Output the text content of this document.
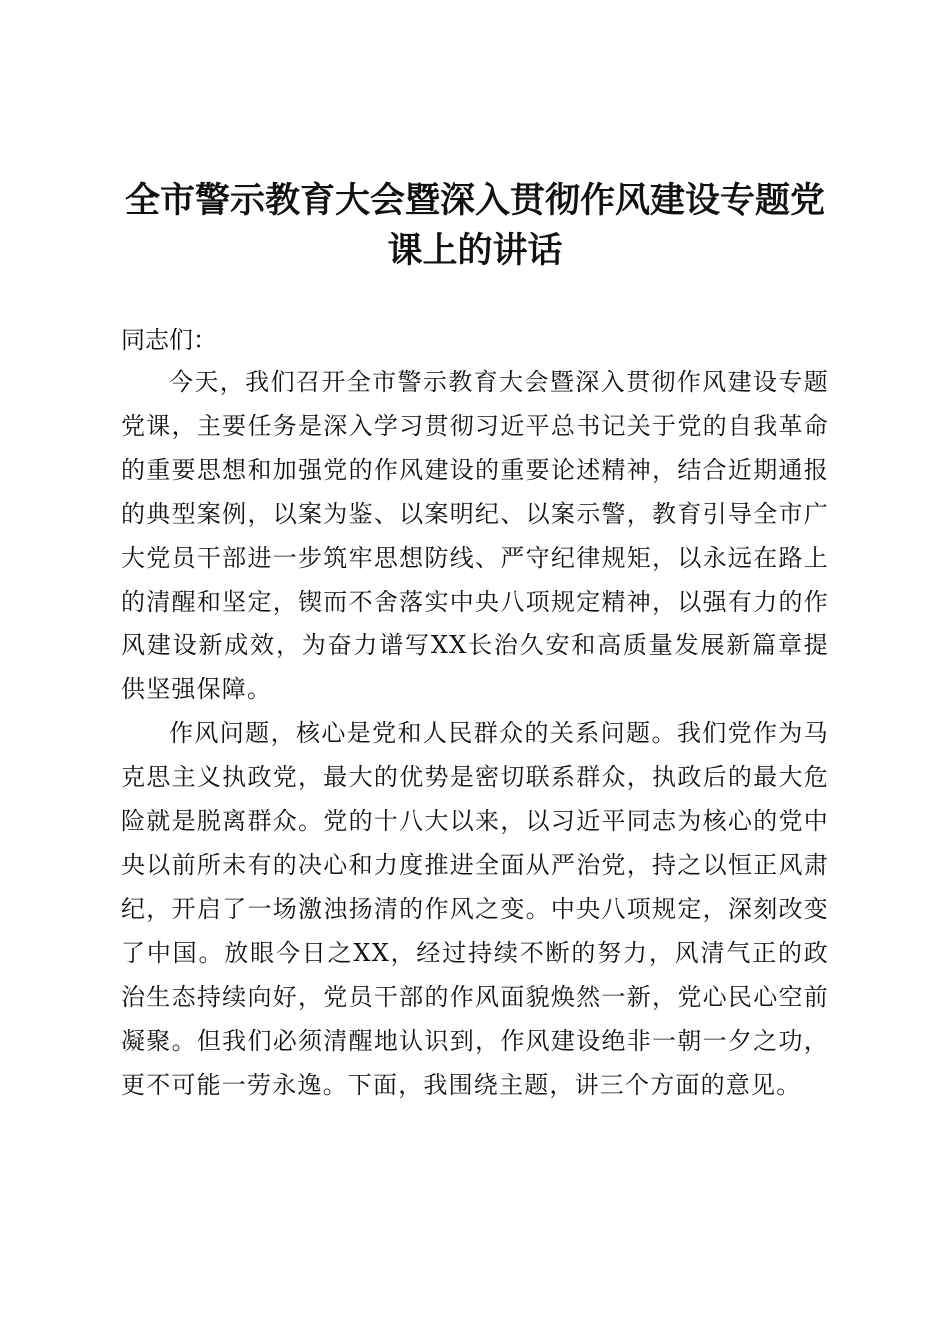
全市警示教育大会暨深入贯彻作风建设专题党
课上的讲话

同志们：

今天，我们召开全市警示教育大会暨深入贯彻作风建设专题党课，主要任务是深入学习贯彻习近平总书记关于党的自我革命的重要思想和加强党的作风建设的重要论述精神，结合近期通报的典型案例，以案为鉴、以案明纪、以案示警，教育引导全市广大党员干部进一步筑牢思想防线、严守纪律规矩，以永远在路上的清醒和坚定，锲而不舍落实中央八项规定精神，以强有力的作风建设新成效，为奋力谱写XX长治久安和高质量发展新篇章提供坚强保障。

作风问题，核心是党和人民群众的关系问题。我们党作为马克思主义执政党，最大的优势是密切联系群众，执政后的最大危险就是脱离群众。党的十八大以来，以习近平同志为核心的党中央以前所未有的决心和力度推进全面从严治党，持之以恒正风肃纪，开启了一场激浊扬清的作风之变。中央八项规定，深刻改变了中国。放眼今日之XX，经过持续不断的努力，风清气正的政治生态持续向好，党员干部的作风面貌焕然一新，党心民心空前凝聚。但我们必须清醒地认识到，作风建设绝非一朝一夕之功，更不可能一劳永逸。下面，我围绕主题，讲三个方面的意见。
